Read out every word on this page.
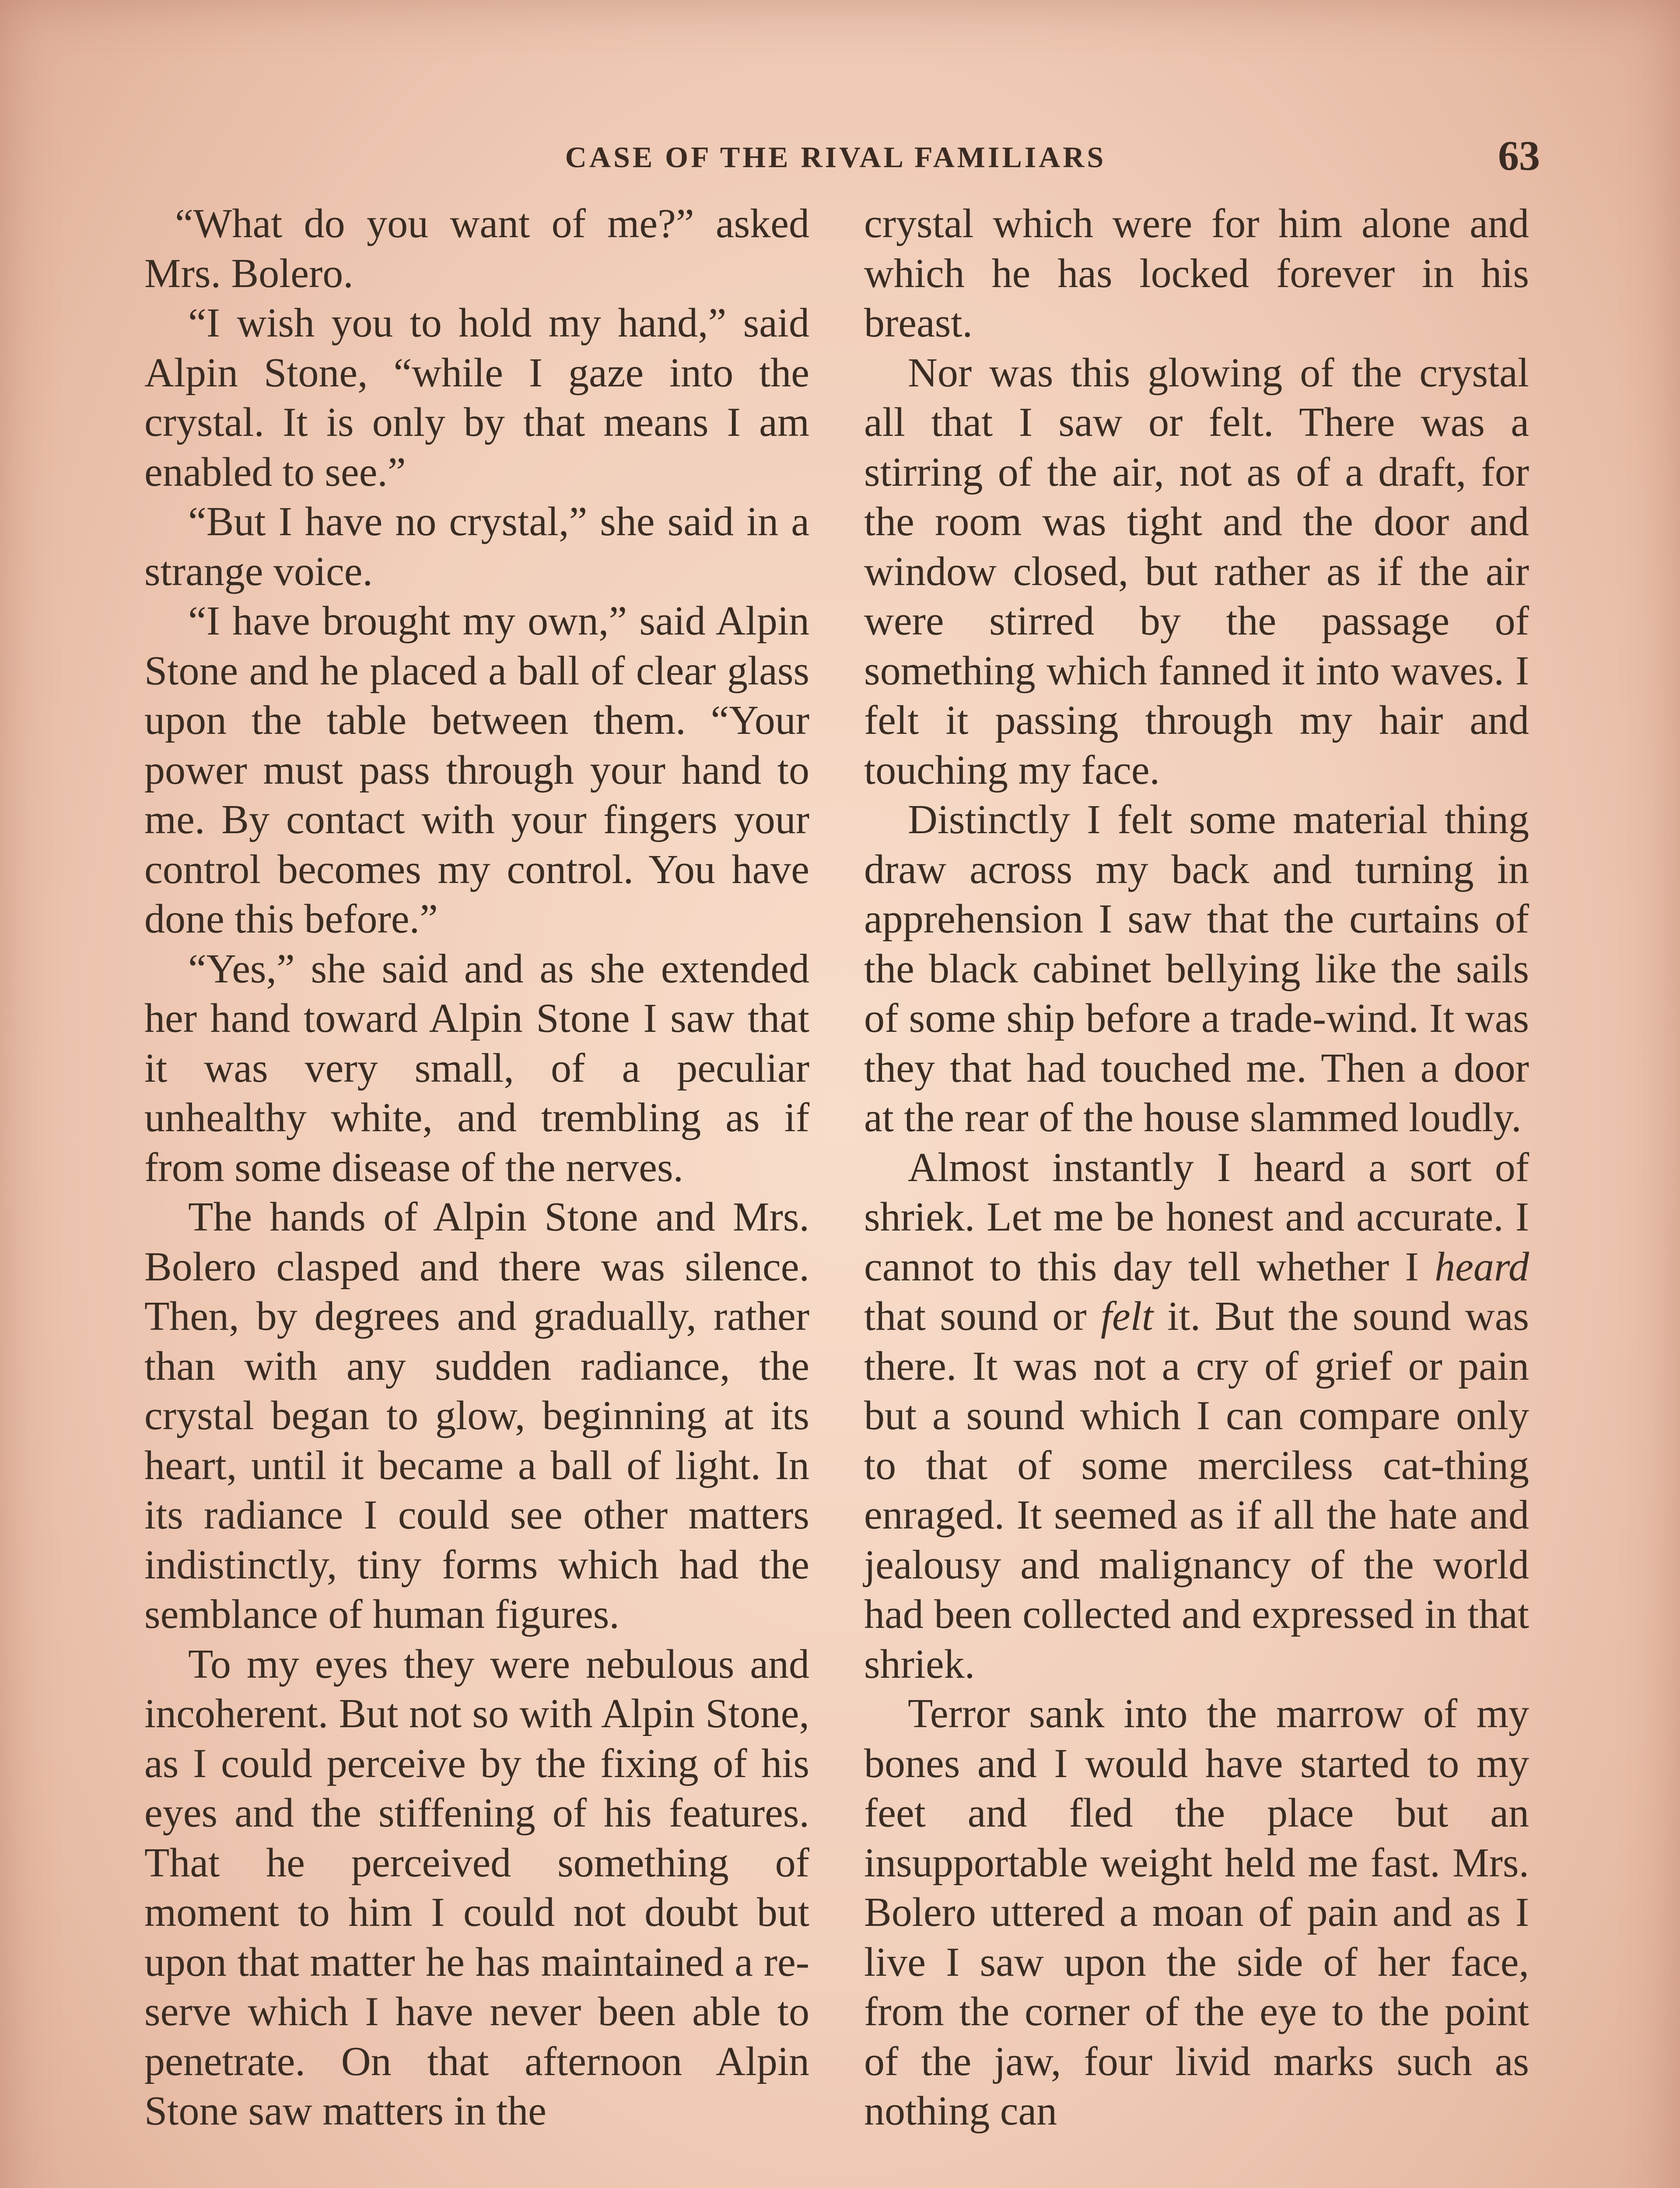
CASE OF THE RIVAL FAMILIARS	63

“What do you want of me?” asked Mrs. Bolero.

“I wish you to hold my hand,” said Alpin Stone, “while I gaze into the crystal. It is only by that means I am enabled to see.”

“But I have no crystal,” she said in a strange voice.

“I have brought my own,” said Alpin Stone and he placed a ball of clear glass upon the table between them. “Your power must pass through your hand to me. By contact with your fingers your control becomes my control. You have done this before.”

“Yes,” she said and as she extended her hand toward Alpin Stone I saw that it was very small, of a peculiar unhealthy white, and trembling as if from some disease of the nerves.

The hands of Alpin Stone and Mrs. Bolero clasped and there was silence. Then, by degrees and gradually, rather than with any sudden radiance, the crystal began to glow, beginning at its heart, until it became a ball of light. In its radiance I could see other matters indistinctly, tiny forms which had the semblance of human figures.

To my eyes they were nebulous and incoherent. But not so with Alpin Stone, as I could perceive by the fixing of his eyes and the stiffening of his features. That he perceived something of moment to him I could not doubt but upon that matter he has maintained a reserve which I have never been able to penetrate. On that afternoon Alpin Stone saw matters in the

crystal which were for him alone and which he has locked forever in his breast.

Nor was this glowing of the crystal all that I saw or felt. There was a stirring of the air, not as of a draft, for the room was tight and the door and window closed, but rather as if the air were stirred by the passage of something which fanned it into waves. I felt it passing through my hair and touching my face.

Distinctly I felt some material thing draw across my back and turning in apprehension I saw that the curtains of the black cabinet bellying like the sails of some ship before a trade-wind. It was they that had touched me. Then a door at the rear of the house slammed loudly.

Almost instantly I heard a sort of shriek. Let me be honest and accurate. I cannot to this day tell whether I heard that sound or felt it. But the sound was there. It was not a cry of grief or pain but a sound which I can compare only to that of some merciless cat-thing enraged. It seemed as if all the hate and jealousy and malignancy of the world had been collected and expressed in that shriek.

Terror sank into the marrow of my bones and I would have started to my feet and fled the place but an insupportable weight held me fast. Mrs. Bolero uttered a moan of pain and as I live I saw upon the side of her face, from the corner of the eye to the point of the jaw, four livid marks such as nothing can
